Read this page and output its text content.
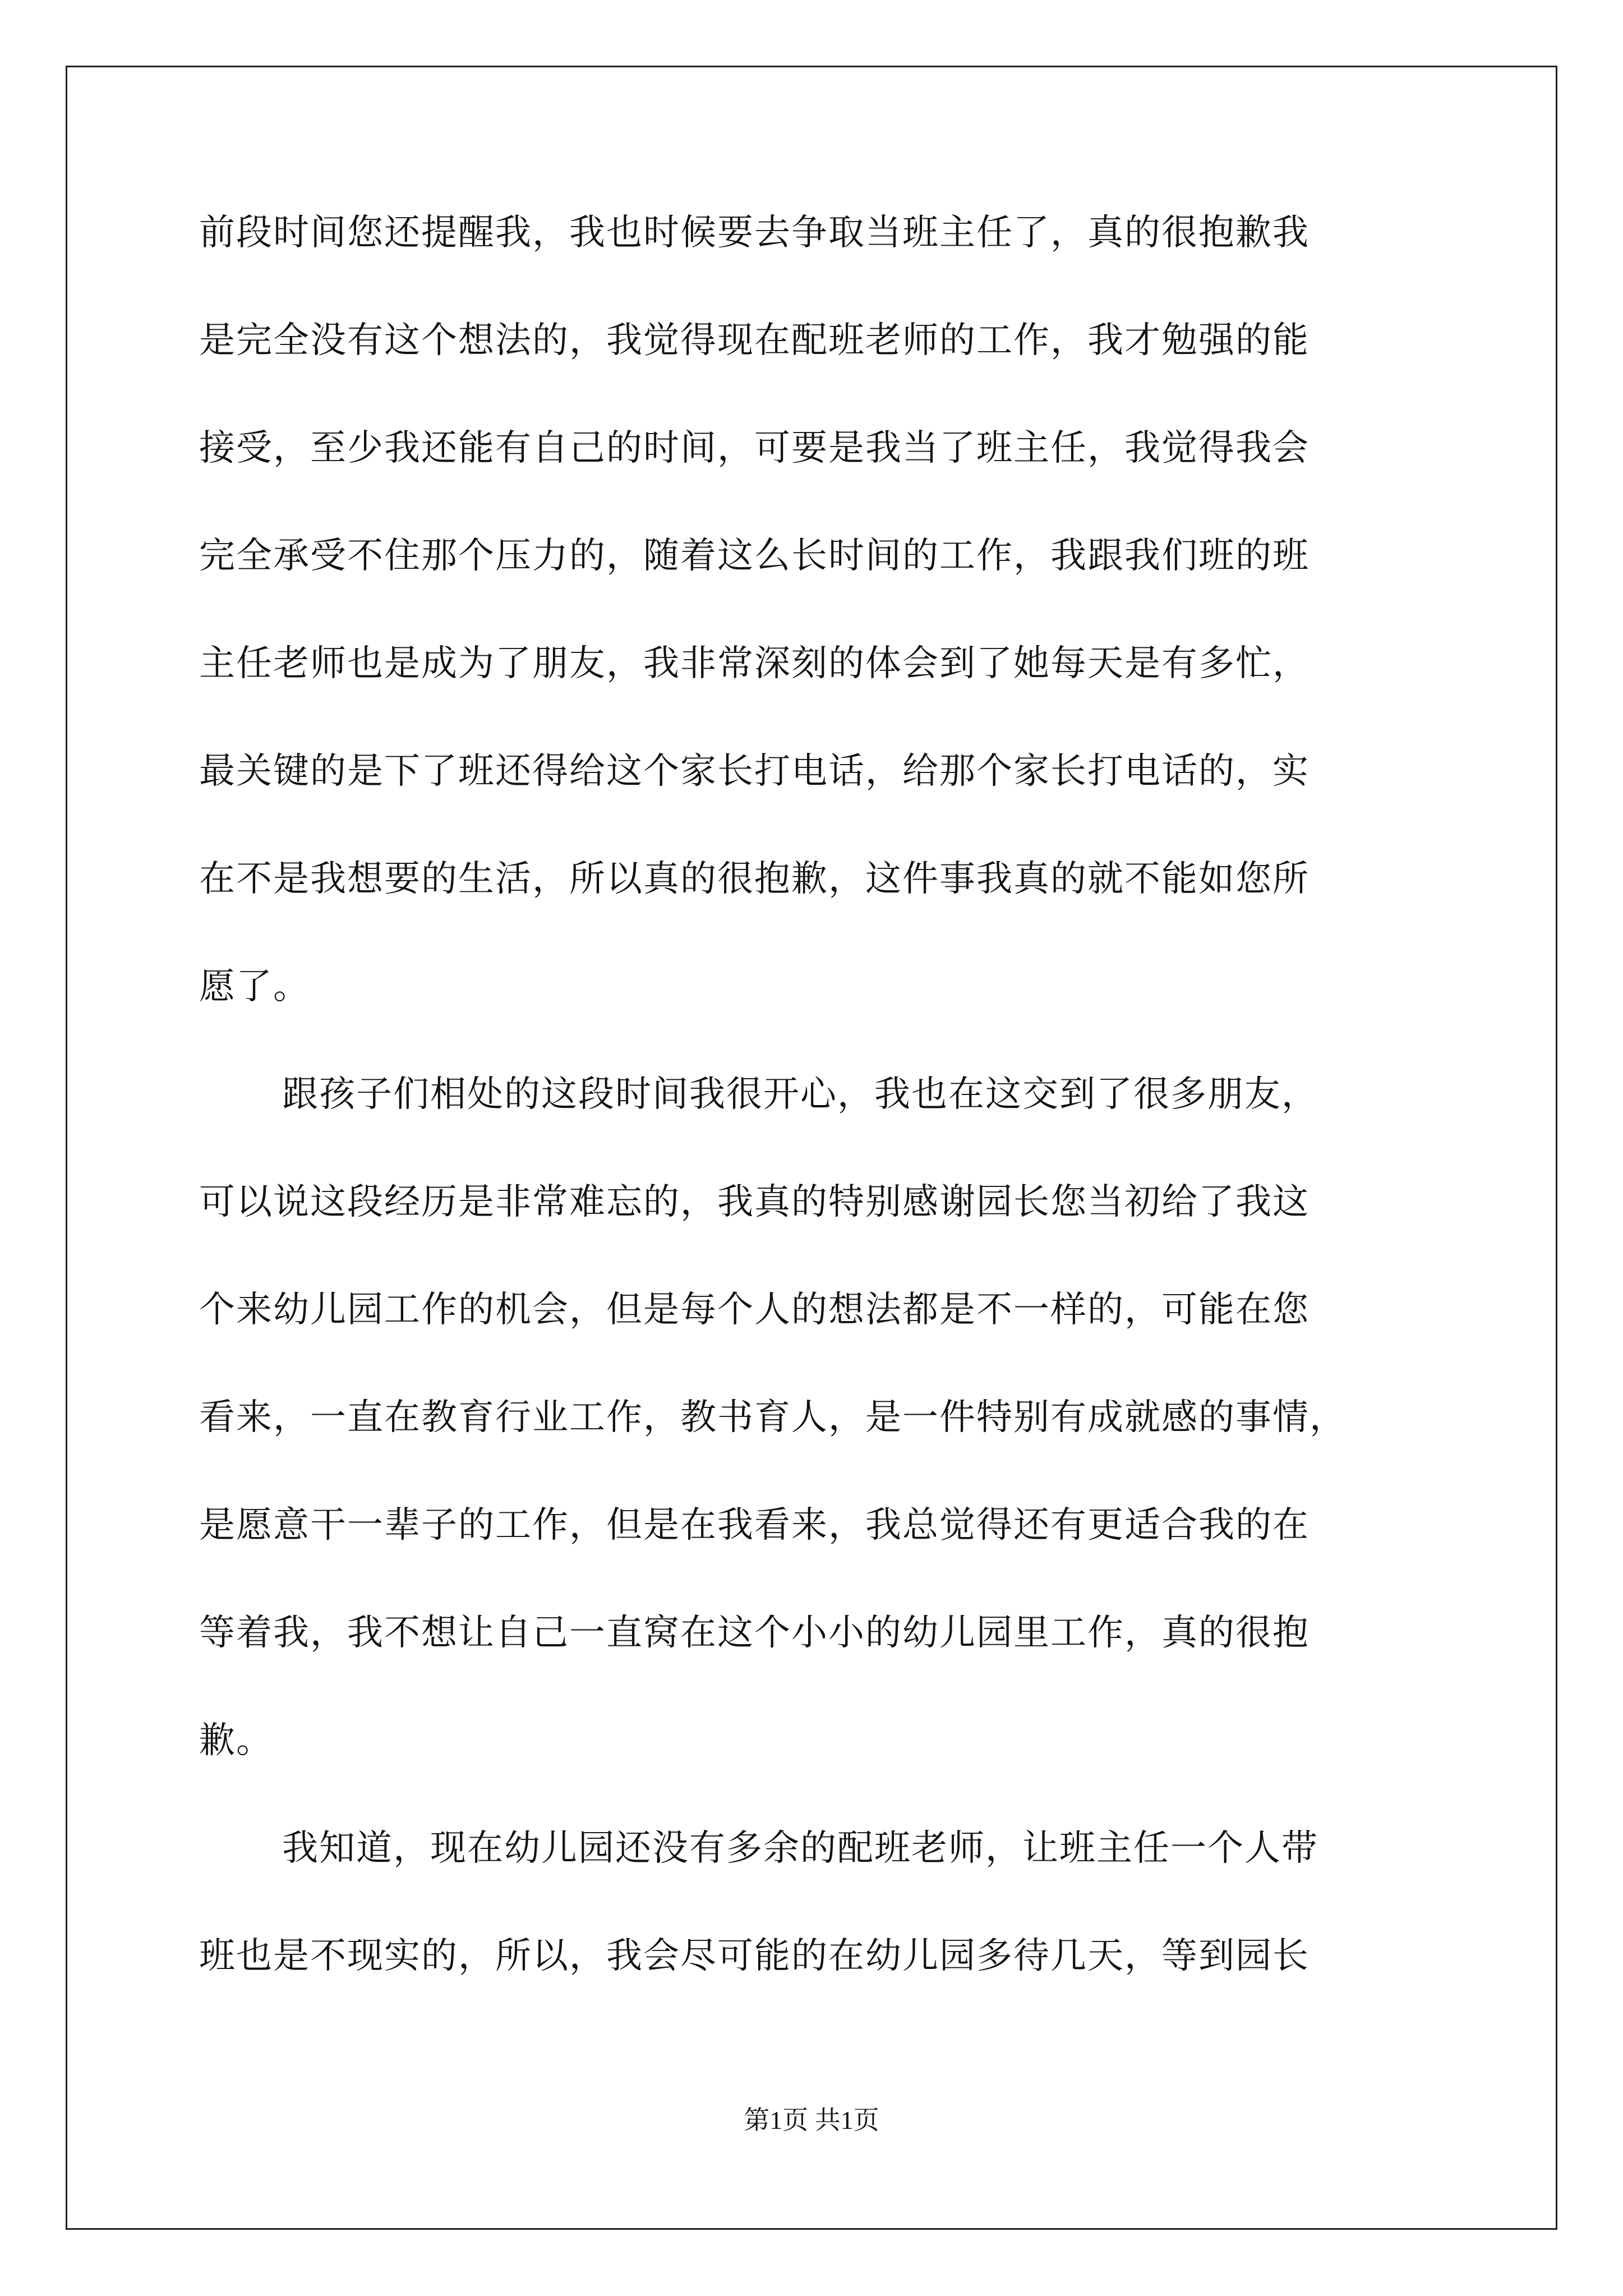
前段时间您还提醒我，我也时候要去争取当班主任了，真的很抱歉我
是完全没有这个想法的，我觉得现在配班老师的工作，我才勉强的能
接受，至少我还能有自己的时间，可要是我当了班主任，我觉得我会
完全承受不住那个压力的，随着这么长时间的工作，我跟我们班的班
主任老师也是成为了朋友，我非常深刻的体会到了她每天是有多忙，
最关键的是下了班还得给这个家长打电话，给那个家长打电话的，实
在不是我想要的生活，所以真的很抱歉，这件事我真的就不能如您所
愿了。
跟孩子们相处的这段时间我很开心，我也在这交到了很多朋友，
可以说这段经历是非常难忘的，我真的特别感谢园长您当初给了我这
个来幼儿园工作的机会，但是每个人的想法都是不一样的，可能在您
看来，一直在教育行业工作，教书育人，是一件特别有成就感的事情，
是愿意干一辈子的工作，但是在我看来，我总觉得还有更适合我的在
等着我，我不想让自己一直窝在这个小小的幼儿园里工作，真的很抱
歉。
我知道，现在幼儿园还没有多余的配班老师，让班主任一个人带
班也是不现实的，所以，我会尽可能的在幼儿园多待几天，等到园长
第1页 共1页
